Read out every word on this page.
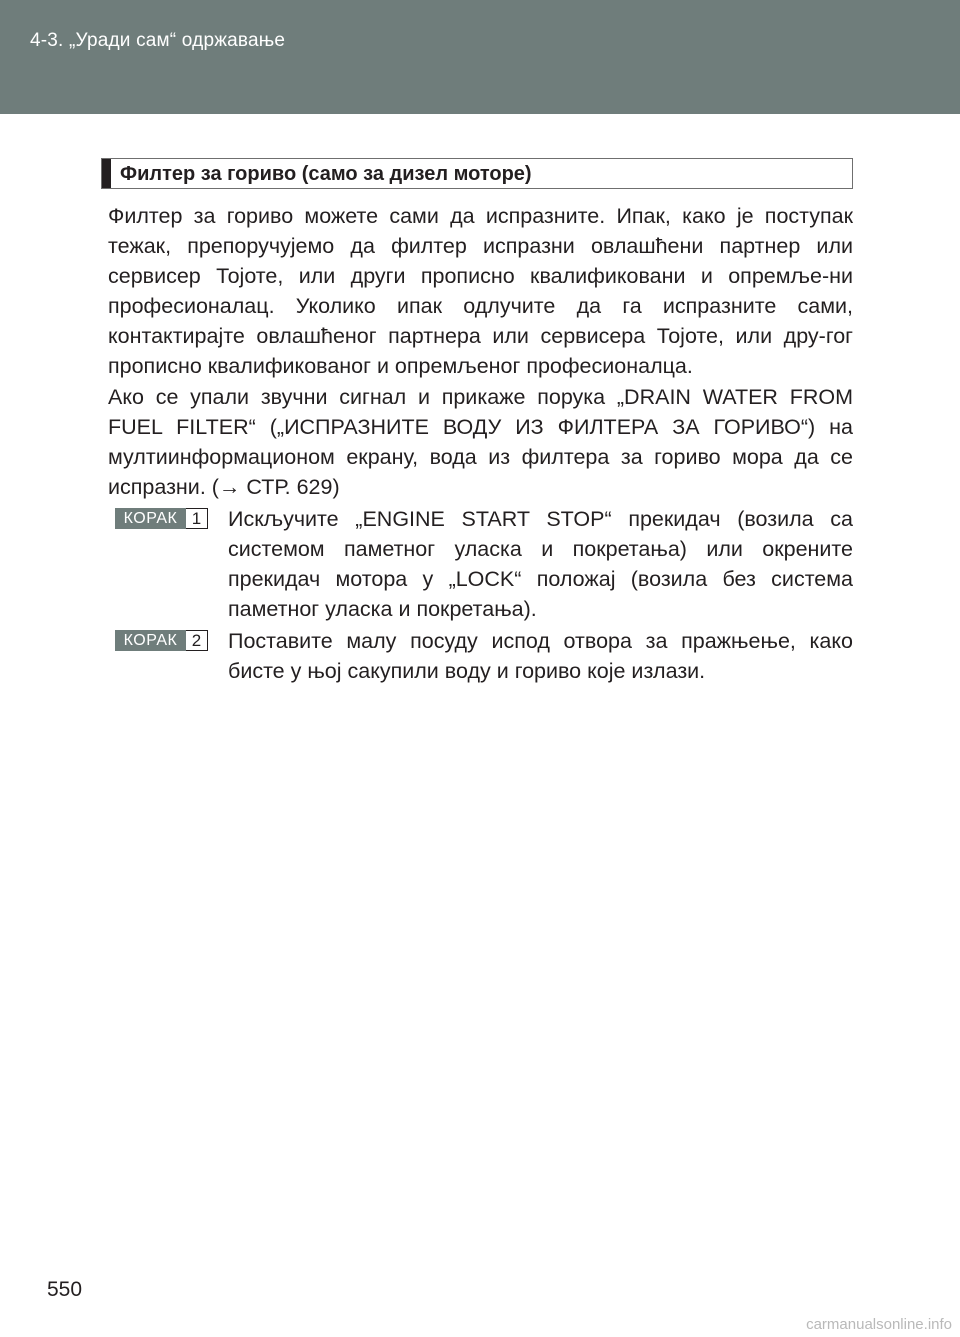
4-3. „Уради сам“ одржавање
Филтер за гориво (само за дизел моторе)

Филтер за гориво можете сами да испразните. Ипак, како је поступак тежак, препоручујемо да филтер испразни овлашћени партнер или сервисер Тојоте, или други прописно квалификовани и опремље-ни професионалац. Уколико ипак одлучите да га испразните сами, контактирајте овлашћеног партнера или сервисера Тојоте, или дру-гог прописно квалификованог и опремљеног професионалца.

Ако се упали звучни сигнал и прикаже порука „DRAIN WATER FROM FUEL FILTER“ („ИСПРАЗНИТЕ ВОДУ ИЗ ФИЛТЕРА ЗА ГОРИВО“) на мултиинформационом екрану, вода из филтера за гориво мора да се испразни. (→ СТР. 629)

КОРАК 1	Искључите „ENGINE START STOP“ прекидач (возила са системом паметног уласка и покретања) или окрените прекидач мотора у „LOCK“ положај (возила без система паметног уласка и покретања).

КОРАК 2	Поставите малу посуду испод отвора за пражњење, како бисте у њој сакупили воду и гориво које излази.

550
carmanualsonline.info
